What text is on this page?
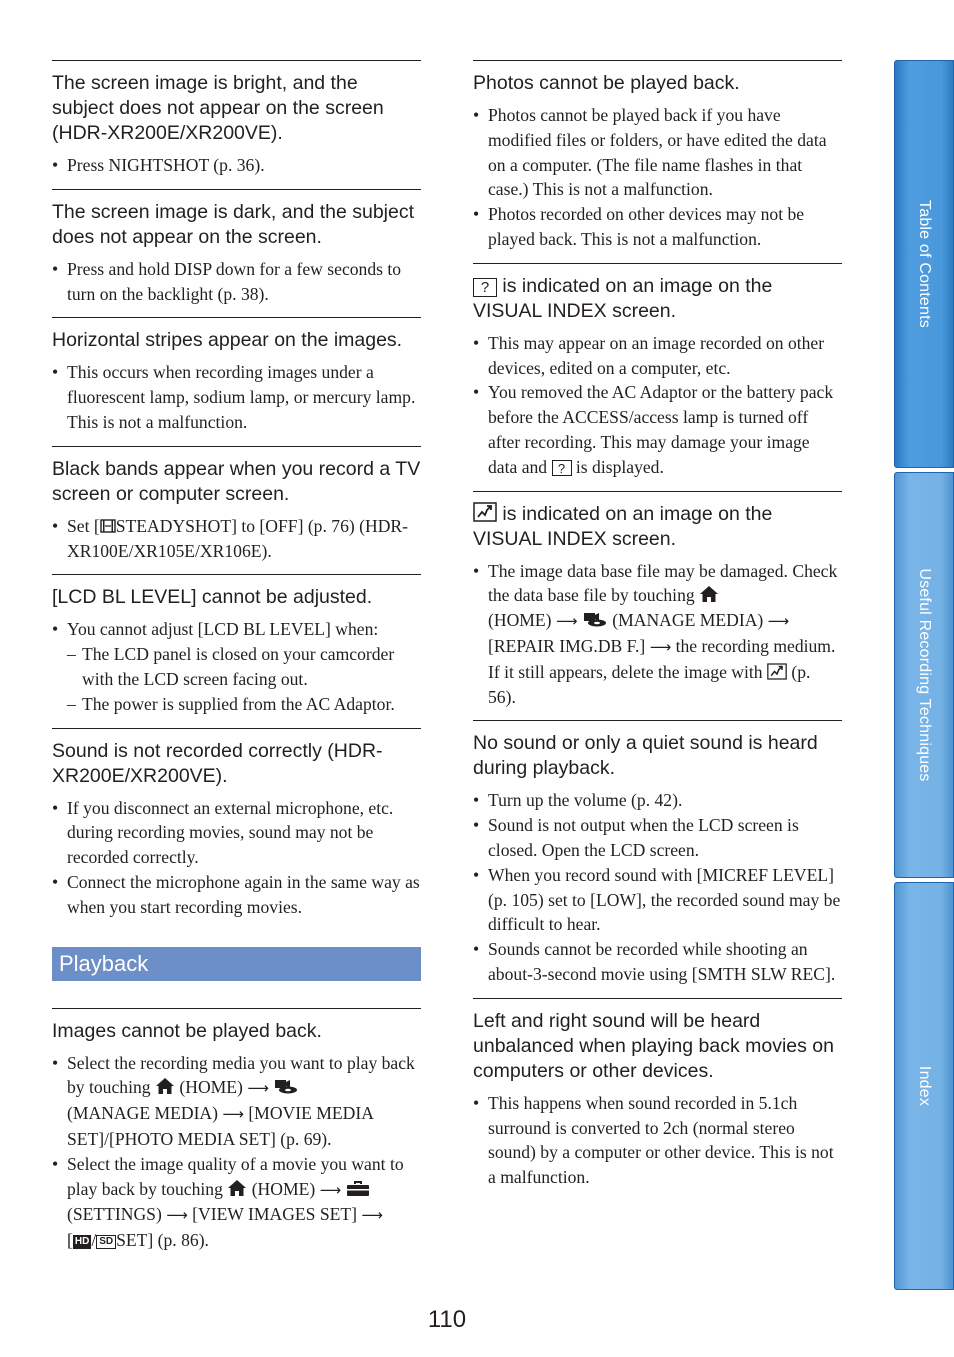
The screen image is bright, and the subject does not appear on the screen (HDR-XR200E/XR200VE).

• Press NIGHTSHOT (p. 36).

The screen image is dark, and the subject does not appear on the screen.

• Press and hold DISP down for a few seconds to turn on the backlight (p. 38).

Horizontal stripes appear on the images.

• This occurs when recording images under a fluorescent lamp, sodium lamp, or mercury lamp. This is not a malfunction.

Black bands appear when you record a TV screen or computer screen.

• Set [ STEADYSHOT] to [OFF] (p. 76) (HDR-XR100E/XR105E/XR106E).

[LCD BL LEVEL] cannot be adjusted.

• You cannot adjust [LCD BL LEVEL] when:
– The LCD panel is closed on your camcorder with the LCD screen facing out.
– The power is supplied from the AC Adaptor.

Sound is not recorded correctly (HDR-XR200E/XR200VE).

• If you disconnect an external microphone, etc. during recording movies, sound may not be recorded correctly.
• Connect the microphone again in the same way as when you start recording movies.
Playback

Images cannot be played back.

• Select the recording media you want to play back by touching (HOME) ⟶

(MANAGE MEDIA) ⟶ [MOVIE MEDIA SET]/[PHOTO MEDIA SET] (p. 69).
• Select the image quality of a movie you want to play back by touching (HOME) ⟶

(SETTINGS) ⟶ [VIEW IMAGES SET] ⟶
[ HD / SD SET] (p. 86).

Photos cannot be played back.

• Photos cannot be played back if you have modified files or folders, or have edited the data on a computer. (The file name flashes in that case.) This is not a malfunction.
• Photos recorded on other devices may not be played back. This is not a malfunction.

? is indicated on an image on the VISUAL INDEX screen.

• This may appear on an image recorded on other devices, edited on a computer, etc.
• You removed the AC Adaptor or the battery pack before the ACCESS/access lamp is turned off after recording. This may damage your image data and ? is displayed.

is indicated on an image on the VISUAL INDEX screen.

• The image data base file may be damaged. Check the data base file by touching

(HOME) ⟶ (MANAGE MEDIA) ⟶
[REPAIR IMG.DB F.] ⟶ the recording medium. If it still appears, delete the image with (p. 56).

No sound or only a quiet sound is heard during playback.

• Turn up the volume (p. 42).
• Sound is not output when the LCD screen is closed. Open the LCD screen.
• When you record sound with [MICREF LEVEL] (p. 105) set to [LOW], the recorded sound may be difficult to hear.
• Sounds cannot be recorded while shooting an about-3-second movie using [SMTH SLW REC].

Left and right sound will be heard unbalanced when playing back movies on computers or other devices.

• This happens when sound recorded in 5.1ch surround is converted to 2ch (normal stereo sound) by a computer or other device. This is not a malfunction.
Table of Contents
Useful Recording Techniques
Index
110
